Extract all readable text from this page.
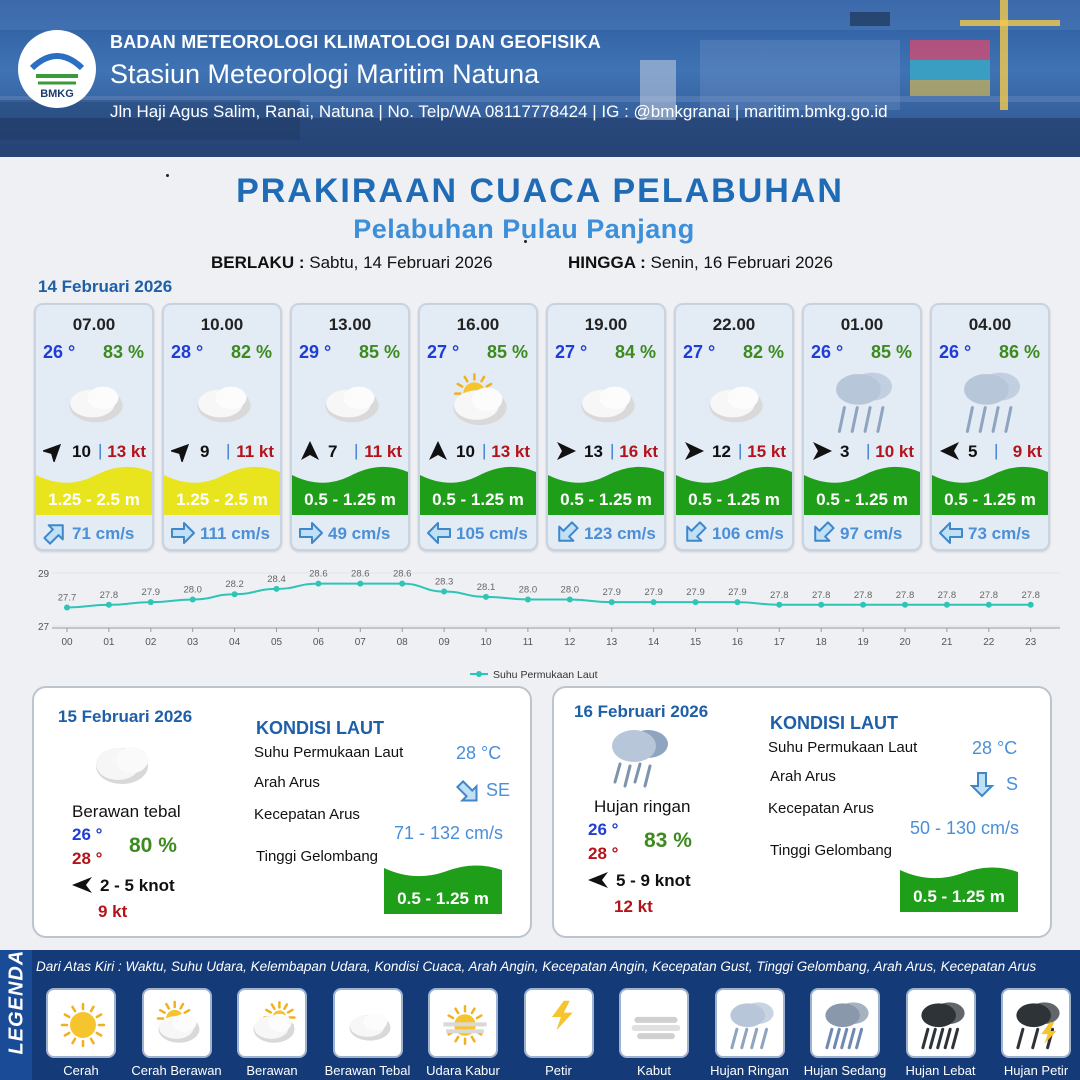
BMKG
BADAN METEOROLOGI KLIMATOLOGI DAN GEOFISIKA
Stasiun Meteorologi Maritim Natuna
Jln Haji Agus Salim, Ranai, Natuna | No. Telp/WA 08117778424 | IG : @bmkgranai | maritim.bmkg.go.id
PRAKIRAAN CUACA PELABUHAN
Pelabuhan Pulau Panjang
BERLAKU : Sabtu, 14 Februari 2026	HINGGA : Senin, 16 Februari 2026
14 Februari 2026
07.00
26 ° 83 %
10 | 13 kt
1.25 - 2.5 m
71 cm/s
10.00
28 ° 82 %
9 | 11 kt
1.25 - 2.5 m
111 cm/s
13.00
29 ° 85 %
7 | 11 kt
0.5 - 1.25 m
49 cm/s
16.00
27 ° 85 %
10 | 13 kt
0.5 - 1.25 m
105 cm/s
19.00
27 ° 84 %
13 | 16 kt
0.5 - 1.25 m
123 cm/s
22.00
27 ° 82 %
12 | 15 kt
0.5 - 1.25 m
106 cm/s
01.00
26 ° 85 %
3 | 10 kt
0.5 - 1.25 m
97 cm/s
04.00
26 ° 86 %
5 | 9 kt
0.5 - 1.25 m
73 cm/s
29
27
27.7
00
27.8
01
27.9
02
28.0
03
28.2
04
28.4
05
28.6
06
28.6
07
28.6
08
28.3
09
28.1
10
28.0
11
28.0
12
27.9
13
27.9
14
27.9
15
27.9
16
27.8
17
27.8
18
27.8
19
27.8
20
27.8
21
27.8
22
27.8
23
Suhu Permukaan Laut
15 Februari 2026
Berawan tebal
26 °
28 °
80 %
2 - 5 knot
9 kt
KONDISI LAUT
Suhu Permukaan Laut	28 °C
Arah Arus	SE
Kecepatan Arus
71 - 132 cm/s
Tinggi Gelombang
0.5 - 1.25 m
16 Februari 2026
Hujan ringan
26 °
28 °
83 %
5 - 9 knot
12 kt
KONDISI LAUT
Suhu Permukaan Laut	28 °C
Arah Arus	S
Kecepatan Arus
50 - 130 cm/s
Tinggi Gelombang
0.5 - 1.25 m
LEGENDA Dari Atas Kiri : Waktu, Suhu Udara, Kelembapan Udara, Kondisi Cuaca, Arah Angin, Kecepatan Angin, Kecepatan Gust, Tinggi Gelombang, Arah Arus, Kecepatan Arus
Cerah	Cerah Berawan	Berawan	Berawan Tebal	Udara Kabur	Petir	Kabut	Hujan Ringan	Hujan Sedang	Hujan Lebat	Hujan Petir
